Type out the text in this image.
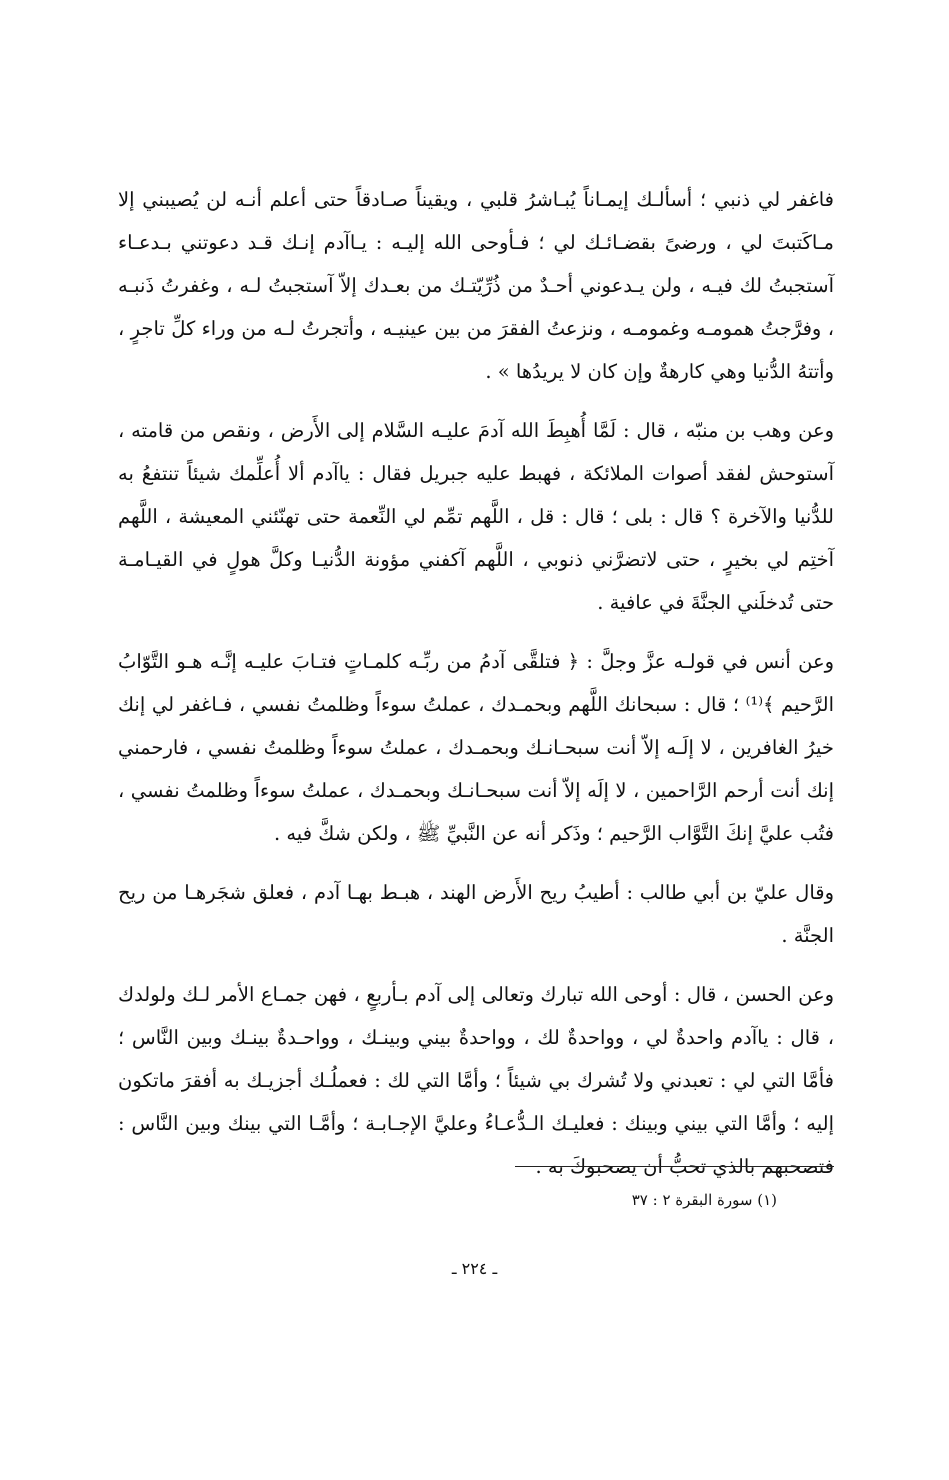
فاغفر لي ذنبي ؛ أسألـك إيمـاناً يُبـاشرُ قلبي ، ويقيناً صـادقاً حتى أعلم أنـه لن يُصيبني إلا مـاكَتبتَ لي ، ورضىً بقضـائـك لي ؛ فـأوحى الله إليـه : يـاآدم إنـك قـد دعوتني بـدعـاء آستجبتُ لك فيـه ، ولن يـدعوني أحـدٌ من ذُرِّيّتـك من بعـدك إلاّ آستجبتُ لـه ، وغفرتُ ذَنبـه ، وفرَّجتُ همومـه وغمومـه ، ونزعتُ الفقرَ من بين عينيـه ، وأتجرتُ لـه من وراء كلِّ تاجرٍ ، وأتتهُ الدُّنيا وهي كارهةٌ وإن كان لا يريدُها » .

وعن وهب بن منبّه ، قال : لَمَّا أُهبِطَ الله آدمَ عليـه السَّلام إلى الأَرض ، ونقص من قامته ، آستوحش لفقد أصوات الملائكة ، فهبط عليه جبريل فقال : ياآدم ألا أُعلِّمك شيئاً تنتفعُ به للدُّنيا والآخرة ؟ قال : بلى ؛ قال : قل ، اللَّهم تمِّم لي النِّعمة حتى تهنّئني المعيشة ، اللَّهم آختِم لي بخيرٍ ، حتى لاتضرَّني ذنوبي ، اللَّهم آكفني مؤونة الدُّنيـا وكلَّ هولٍ في القيـامـة حتى تُدخلَني الجنَّةَ في عافية .

وعن أنس في قولـه عزَّ وجلَّ : ﴿ فتلقَّى آدمُ من ربِّـه كلمـاتٍ فتـابَ عليـه إنَّـه هـو التَّوّابُ الرَّحيم ﴾⁽¹⁾ ؛ قال : سبحانك اللَّهم وبحمـدك ، عملتُ سوءاً وظلمتُ نفسي ، فـاغفر لي إنك خيرُ الغافرين ، لا إلَـه إلاّ أنت سبحـانـك وبحمـدك ، عملتُ سوءاً وظلمتُ نفسي ، فارحمني إنك أنت أرحم الرَّاحمين ، لا إلَه إلاّ أنت سبحـانـك وبحمـدك ، عملتُ سوءاً وظلمتُ نفسي ، فتُب عليَّ إنكَ التَّوَّاب الرَّحيم ؛ وذَكر أنه عن النَّبيِّ ﷺ ، ولكن شكَّ فيه .

وقال عليّ بن أبي طالب : أطيبُ ريح الأَرض الهند ، هبـط بهـا آدم ، فعلق شجَرهـا من ريح الجنَّة .

وعن الحسن ، قال : أوحى الله تبارك وتعالى إلى آدم بـأربعٍ ، فهن جمـاع الأمر لـك ولولدك ، قال : ياآدم واحدةٌ لي ، وواحدةٌ لك ، وواحدةٌ بيني وبينـك ، وواحـدةٌ بينـك وبين النَّاس ؛ فأمَّا التي لي : تعبدني ولا تُشرك بي شيئاً ؛ وأمَّا التي لك : فعملُـك أجزيـك به أفقرَ ماتكون إليه ؛ وأمَّا التي بيني وبينك : فعليـك الـدُّعـاءُ وعليَّ الإجـابـة ؛ وأمَّـا التي بينك وبين النَّاس : فتصحبهم بالذي تحبُّ أن يصحبوكَ به .

(١) سورة البقرة ٢ : ٣٧
ـ ٢٢٤ ـ
